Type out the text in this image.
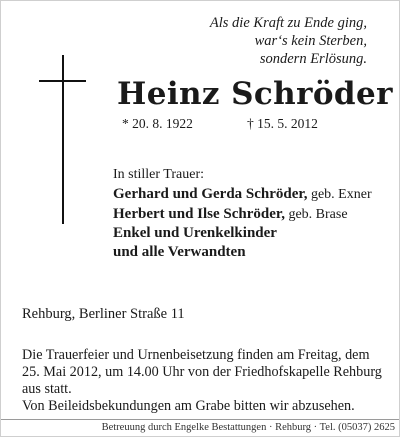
Als die Kraft zu Ende ging,
war‘s kein Sterben,
sondern Erlösung.
Heinz Schröder
* 20. 8. 1922	† 15. 5. 2012
In stiller Trauer:
Gerhard und Gerda Schröder, geb. Exner
Herbert und Ilse Schröder, geb. Brase
Enkel und Urenkelkinder
und alle Verwandten
Rehburg, Berliner Straße 11
Die Trauerfeier und Urnenbeisetzung finden am Freitag, dem
25. Mai 2012, um 14.00 Uhr von der Friedhofskapelle Rehburg
aus statt.
Von Beileidsbekundungen am Grabe bitten wir abzusehen.
Betreuung durch Engelke Bestattungen · Rehburg · Tel. (05037) 2625
